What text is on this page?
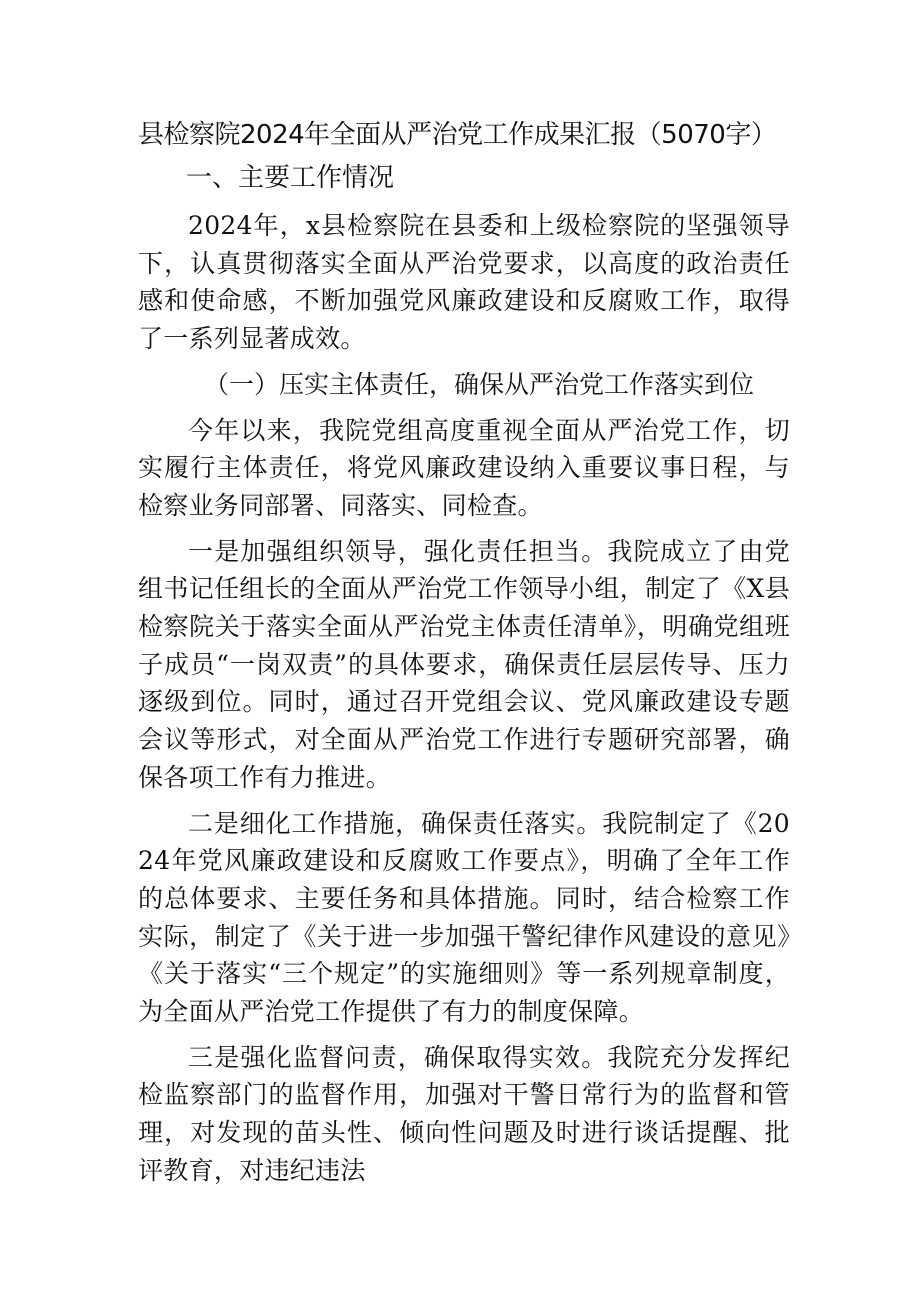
县检察院2024年全面从严治党工作成果汇报（5070字）
一、主要工作情况

2024年，x县检察院在县委和上级检察院的坚强领导下，认真贯彻落实全面从严治党要求，以高度的政治责任感和使命感，不断加强党风廉政建设和反腐败工作，取得了一系列显著成效。

（一）压实主体责任，确保从严治党工作落实到位

今年以来，我院党组高度重视全面从严治党工作，切实履行主体责任，将党风廉政建设纳入重要议事日程，与检察业务同部署、同落实、同检查。

一是加强组织领导，强化责任担当。我院成立了由党组书记任组长的全面从严治党工作领导小组，制定了《X县检察院关于落实全面从严治党主体责任清单》，明确党组班子成员“一岗双责”的具体要求，确保责任层层传导、压力逐级到位。同时，通过召开党组会议、党风廉政建设专题会议等形式，对全面从严治党工作进行专题研究部署，确保各项工作有力推进。

二是细化工作措施，确保责任落实。我院制定了《2024年党风廉政建设和反腐败工作要点》，明确了全年工作的总体要求、主要任务和具体措施。同时，结合检察工作实际，制定了《关于进一步加强干警纪律作风建设的意见》《关于落实“三个规定”的实施细则》等一系列规章制度，为全面从严治党工作提供了有力的制度保障。

三是强化监督问责，确保取得实效。我院充分发挥纪检监察部门的监督作用，加强对干警日常行为的监督和管理，对发现的苗头性、倾向性问题及时进行谈话提醒、批评教育，对违纪违法
